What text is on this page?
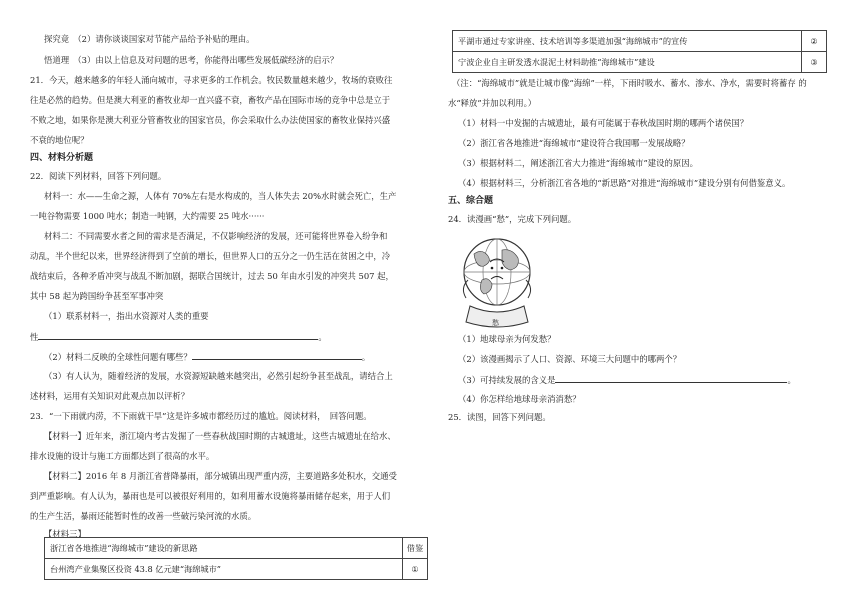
探究竟　（2）请你谈谈国家对节能产品给予补贴的理由。
悟道理　（3）由以上信息及对问题的思考，你能得出哪些发展低碳经济的启示？
21．今天，越来越多的年轻人涌向城市，寻求更多的工作机会。牧民数量越来越少，牧场的衰败往
往是必然的趋势。但是澳大利亚的畜牧业却一直兴盛不衰，畜牧产品在国际市场的竞争中总是立于
不败之地，如果你是澳大利亚分管畜牧业的国家官员，你会采取什么办法使国家的畜牧业保持兴盛
不衰的地位呢？
四、材料分析题
22．阅读下列材料，回答下列问题。
材料一：水——生命之源，人体有 70%左右是水构成的，当人体失去 20%水时就会死亡，生产
一吨谷物需要 1000 吨水；制造一吨钢，大约需要 25 吨水······
材料二：不同需要水者之间的需求是否满足，不仅影响经济的发展，还可能将世界卷入纷争和
动乱，半个世纪以来，世界经济得到了空前的增长，但世界人口的五分之一仍生活在贫困之中，冷
战结束后，各种矛盾冲突与战乱不断加剧，据联合国统计，过去 50 年由水引发的冲突共 507 起，
其中 58 起为跨国纷争甚至军事冲突
（1）联系材料一，指出水资源对人类的重要
性	。
（2）材料二反映的全球性问题有哪些？	。
（3）有人认为，随着经济的发展，水资源短缺越来越突出，必然引起纷争甚至战乱，请结合上
述材料，运用有关知识对此观点加以评析？
23．“一下雨就内涝，不下雨就干旱”这是许多城市都经历过的尴尬。阅读材料，　回答问题。
【材料一】近年来，浙江境内考古发掘了一些春秋战国时期的古城遗址，这些古城遗址在给水、
排水设施的设计与施工方面都达到了很高的水平。
【材料二】2016 年 8 月浙江省普降暴雨，部分城镇出现严重内涝，主要道路多处积水，交通受
到严重影响。有人认为，暴雨也是可以被很好利用的，如利用蓄水设施将暴雨储存起来，用于人们
的生产生活，暴雨还能暂时性的改善一些破污染河流的水质。
【材料三】
浙江省各地推进“海绵城市”建设的新思路	借鉴
台州湾产业集聚区投资 43.8 亿元建“海绵城市”	①
平湖市通过专家讲座、技术培训等多渠道加强“海绵城市”的宣传	②
宁波企业自主研发透水混泥土材料助推“海绵城市”建设	③
（注：“海绵城市”就是让城市像“海绵”一样，下雨时吸水、蓄水、渗水、净水，需要时将蓄存 的
水“释放”并加以利用。）
（1）材料一中发掘的古城遗址，最有可能属于春秋战国时期的哪两个诸侯国？
（2）浙江省各地推进“海绵城市”建设符合我国哪一发展战略？
（3）根据材料二，阐述浙江省大力推进“海绵城市”建设的原因。
（4）根据材料三，分析浙江省各地的“新思路”对推进“海绵城市”建设分别有何借鉴意义。
五、综合题
24．读漫画“愁”，完成下列问题。
愁
（1）地球母亲为何发愁？
（2）该漫画揭示了人口、资源、环境三大问题中的哪两个？
（3）可持续发展的含义是	。
（4）你怎样给地球母亲消消愁？
25．读图，回答下列问题。
